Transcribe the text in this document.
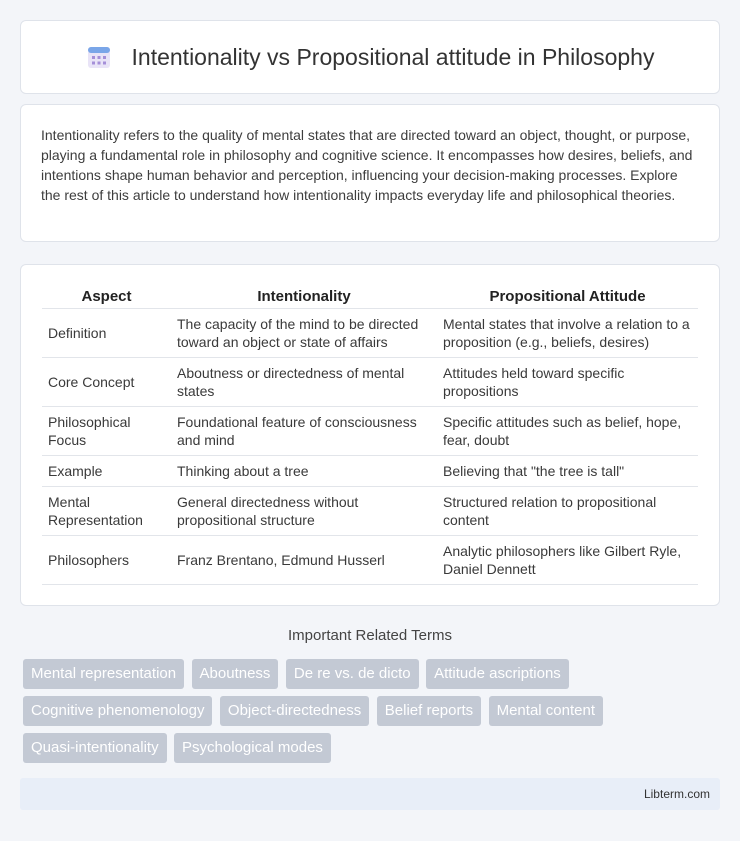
Intentionality vs Propositional attitude in Philosophy

Intentionality refers to the quality of mental states that are directed toward an object, thought, or purpose, playing a fundamental role in philosophy and cognitive science. It encompasses how desires, beliefs, and intentions shape human behavior and perception, influencing your decision-making processes. Explore the rest of this article to understand how intentionality impacts everyday life and philosophical theories.

Aspect	Intentionality	Propositional Attitude
Definition	The capacity of the mind to be directed toward an object or state of affairs	Mental states that involve a relation to a proposition (e.g., beliefs, desires)
Core Concept	Aboutness or directedness of mental states	Attitudes held toward specific propositions
Philosophical Focus	Foundational feature of consciousness and mind	Specific attitudes such as belief, hope, fear, doubt
Example	Thinking about a tree	Believing that "the tree is tall"
Mental Representation	General directedness without propositional structure	Structured relation to propositional content
Philosophers	Franz Brentano, Edmund Husserl	Analytic philosophers like Gilbert Ryle, Daniel Dennett
Important Related Terms
Mental representation Aboutness De re vs. de dicto Attitude ascriptions Cognitive phenomenology Object-directedness Belief reports Mental content Quasi-intentionality Psychological modes
Libterm.com
